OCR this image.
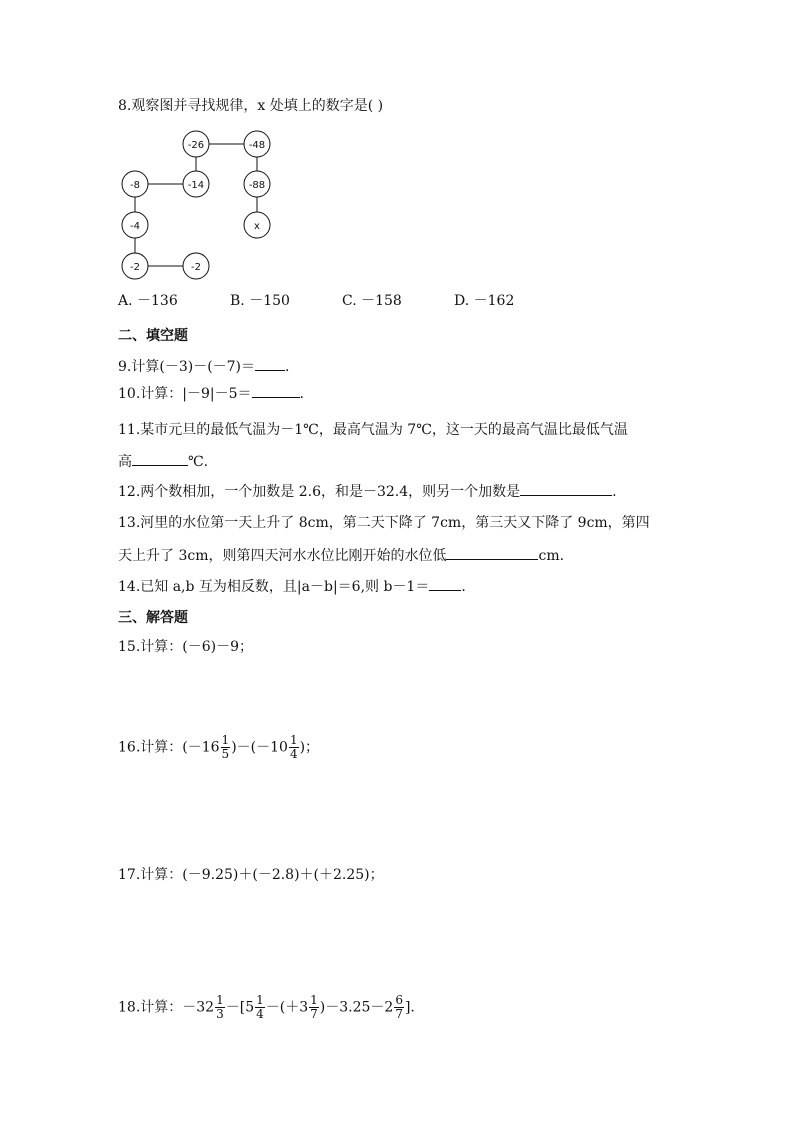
8.观察图并寻找规律，x 处填上的数字是( )
-26	-48
-8	-14	-88
-4	x
-2	-2
A. －136	B. －150	C. －158	D. －162
二、填空题
9.计算(－3)－(－7)＝ .
10.计算：|－9|－5＝	.
11.某市元旦的最低气温为－1℃，最高气温为 7℃，这一天的最高气温比最低气温
高	℃.
12.两个数相加，一个加数是 2.6，和是－32.4，则另一个加数是	.
13.河里的水位第一天上升了 8cm，第二天下降了 7cm，第三天又下降了 9cm，第四
天上升了 3cm，则第四天河水水位比刚开始的水位低	cm.
14.已知 a,b 互为相反数，且|a－b|＝6,则 b－1＝ .
三、解答题
15.计算：(－6)－9；
16.计算：$(-16 \frac{1}{5} )-(-10 \frac{1}{4}$ )；
17.计算：(－9.25)＋(－2.8)＋(＋2.25)；
18.计算：$-32 \frac{1}{3} -[5 \frac{1}{4} -(+3 \frac{1}{7} )-3.25-2 \frac{6}{7}$ ].
